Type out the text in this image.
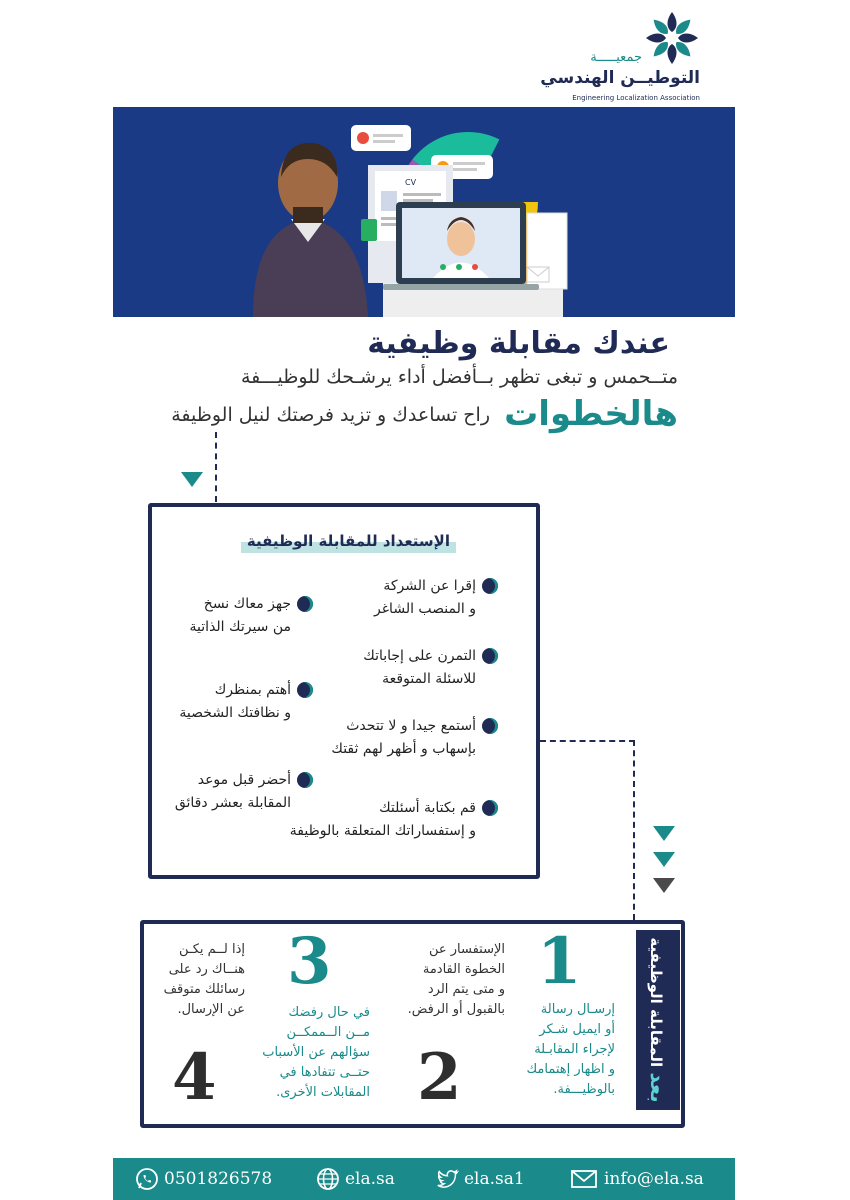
جمعيـــــة
التوطيــن الهندسي
Engineering Localization Association
CV
عندك مقابلة وظيفية
متــحمس و تبغى تظهر بــأفضل أداء يرشـحك للوظيـــفة
هالخطوات
راح تساعدك و تزيد فرصتك لنيل الوظيفة
الإستعداد للمقابلة الوظيفية
إقرا عن الشركة
و المنصب الشاغر
التمرن على إجاباتك
للاسئلة المتوقعة
أستمع جيدا و لا تتحدث
بإسهاب و أظهر لهم ثقتك
قم بكتابة أسئلتك
و إستفساراتك المتعلقة بالوظيفة
جهز معاك نسخ
من سيرتك الذاتية
أهتم بمنظرك
و نظافتك الشخصية
أحضر قبل موعد
المقابلة بعشر دقائق
بعد المقابلة الوظيفية
1
إرسـال رسالة
أو ايميل شـكر
لإجراء المقابـلة
و اظهار إهتمامك
بالوظيـــفة.
الإستفسار عن
الخطوة القادمة
و متى يتم الرد
بالقبول أو الرفض.
2
3
في حال رفضك
مــن الــممكــن
سؤالهم عن الأسباب
حتــى تتفادها في
المقابلات الأخرى.
إذا لــم يكـن
هنــاك رد على
رسائلك متوقف
عن الإرسال.
4
0501826578	ela.sa	ela.sa1	info@ela.sa
